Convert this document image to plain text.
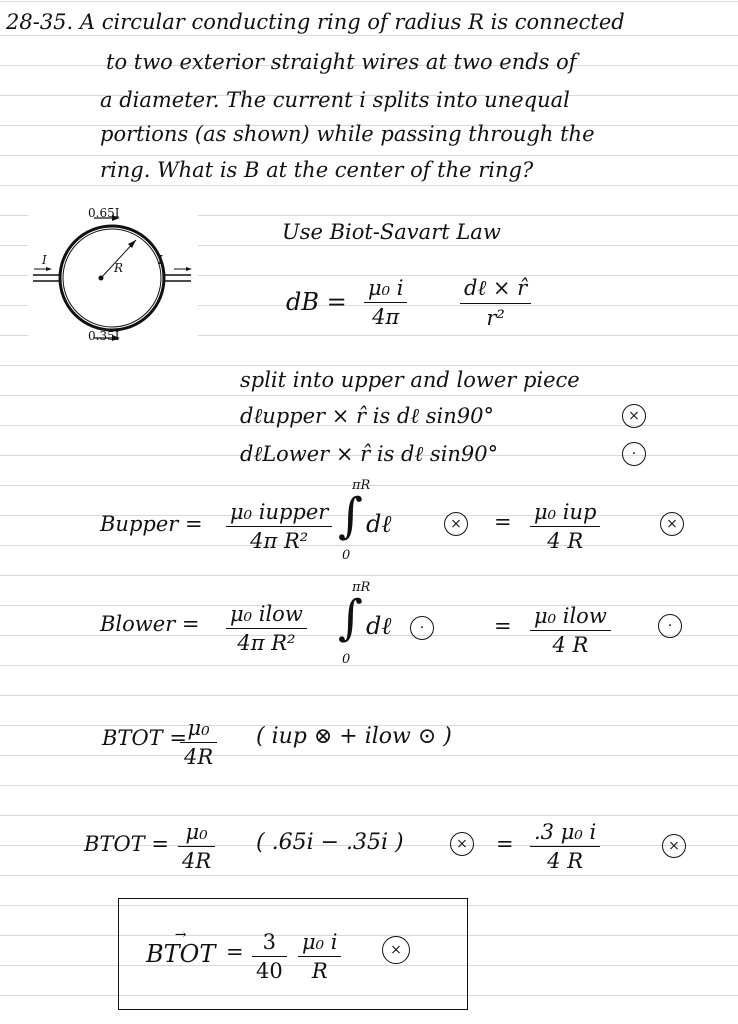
28-35. A circular conducting ring of radius R is connected
to two exterior straight wires at two ends of
a diameter. The current i splits into unequal
portions (as shown) while passing through the
ring. What is B at the center of the ring?
0.65I
0.35I
R
I	I
Use Biot-Savart Law
dB = $\frac{\text{μ₀ i}}{4\pi}$	dℓ × r̂
r²
split into upper and lower piece
dℓupper × r̂ is dℓ sin90°	×
dℓLower × r̂ is dℓ sin90°	·
Bupper = μ₀ iupper
4π R² ∫
πR
0
dℓ	× = μ₀ iup
4 R
×
Blower = μ₀ ilow
4π R² ∫
πR
0
dℓ	·	= μ₀ ilow
4 R
·
BTOT =
$\frac{\text{μ₀}}{4R}$ ( iup ⊗ + ilow ⊙ )
BTOT = $\frac{\text{μ₀}}{4R}$ ( .65i − .35i )	× = $\frac{\text{.3 μ₀ i}}{4 R}$	×
→ BTOT = $\frac{3}{40} \frac{\text{μ₀ i}}{R}$	×
